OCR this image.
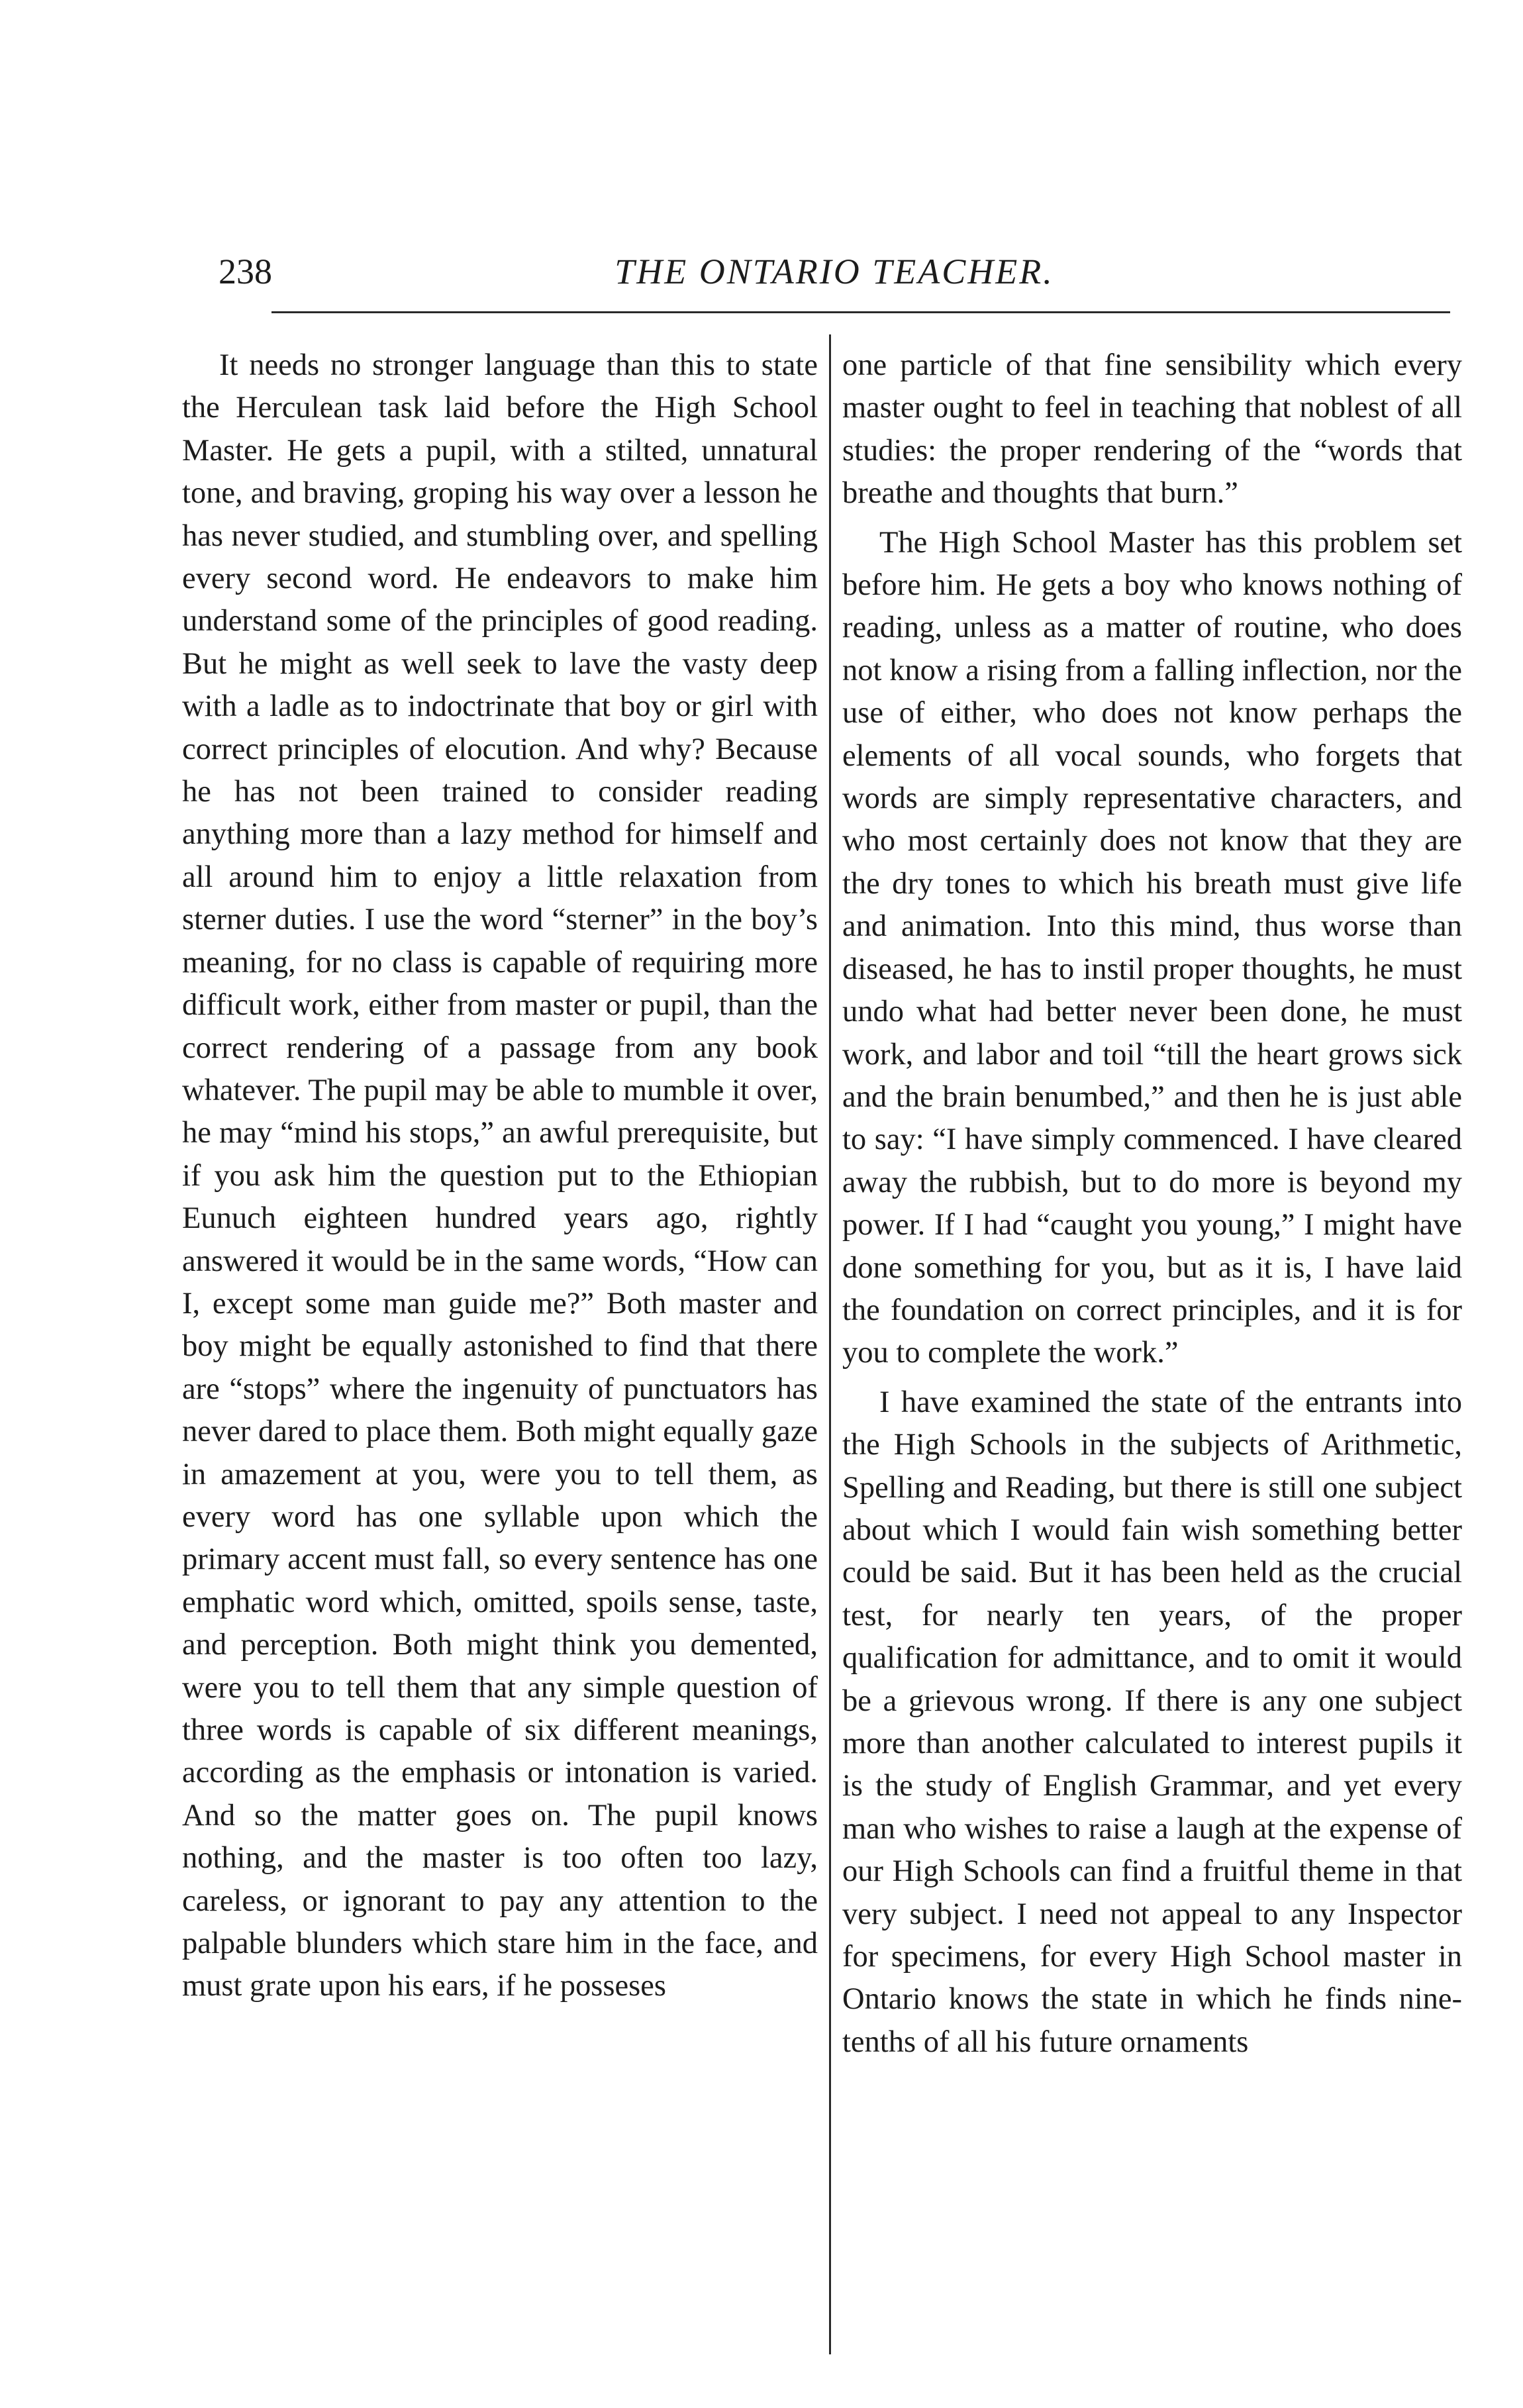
238	THE ONTARIO TEACHER.

It needs no stronger language than this to state the Herculean task laid before the High School Master. He gets a pupil, with a stilted, unnatural tone, and braving, groping his way over a lesson he has never studied, and stumbling over, and spelling every second word. He endeavors to make him understand some of the principles of good reading. But he might as well seek to lave the vasty deep with a ladle as to indoctrinate that boy or girl with correct principles of elocution. And why? Because he has not been trained to consider reading anything more than a lazy method for himself and all around him to enjoy a little relaxation from sterner duties. I use the word “sterner” in the boy’s meaning, for no class is capable of requiring more difficult work, either from master or pupil, than the correct rendering of a passage from any book whatever. The pupil may be able to mumble it over, he may “mind his stops,” an awful prerequisite, but if you ask him the question put to the Ethiopian Eunuch eighteen hundred years ago, rightly answered it would be in the same words, “How can I, except some man guide me?” Both master and boy might be equally astonished to find that there are “stops” where the ingenuity of punctuators has never dared to place them. Both might equally gaze in amazement at you, were you to tell them, as every word has one syllable upon which the primary accent must fall, so every sentence has one emphatic word which, omitted, spoils sense, taste, and perception. Both might think you demented, were you to tell them that any simple question of three words is capable of six different meanings, according as the emphasis or intonation is varied. And so the matter goes on. The pupil knows nothing, and the master is too often too lazy, careless, or ignorant to pay any attention to the palpable blunders which stare him in the face, and must grate upon his ears, if he posseses

one particle of that fine sensibility which every master ought to feel in teaching that noblest of all studies: the proper rendering of the “words that breathe and thoughts that burn.”

The High School Master has this problem set before him. He gets a boy who knows nothing of reading, unless as a matter of routine, who does not know a rising from a falling inflection, nor the use of either, who does not know perhaps the elements of all vocal sounds, who forgets that words are simply representative characters, and who most certainly does not know that they are the dry tones to which his breath must give life and animation. Into this mind, thus worse than diseased, he has to instil proper thoughts, he must undo what had better never been done, he must work, and labor and toil “till the heart grows sick and the brain benumbed,” and then he is just able to say: “I have simply commenced. I have cleared away the rubbish, but to do more is beyond my power. If I had “caught you young,” I might have done something for you, but as it is, I have laid the foundation on correct principles, and it is for you to complete the work.”

I have examined the state of the entrants into the High Schools in the subjects of Arithmetic, Spelling and Reading, but there is still one subject about which I would fain wish something better could be said. But it has been held as the crucial test, for nearly ten years, of the proper qualification for admittance, and to omit it would be a grievous wrong. If there is any one subject more than another calculated to interest pupils it is the study of English Grammar, and yet every man who wishes to raise a laugh at the expense of our High Schools can find a fruitful theme in that very subject. I need not appeal to any Inspector for specimens, for every High School master in Ontario knows the state in which he finds nine-tenths of all his future ornaments
